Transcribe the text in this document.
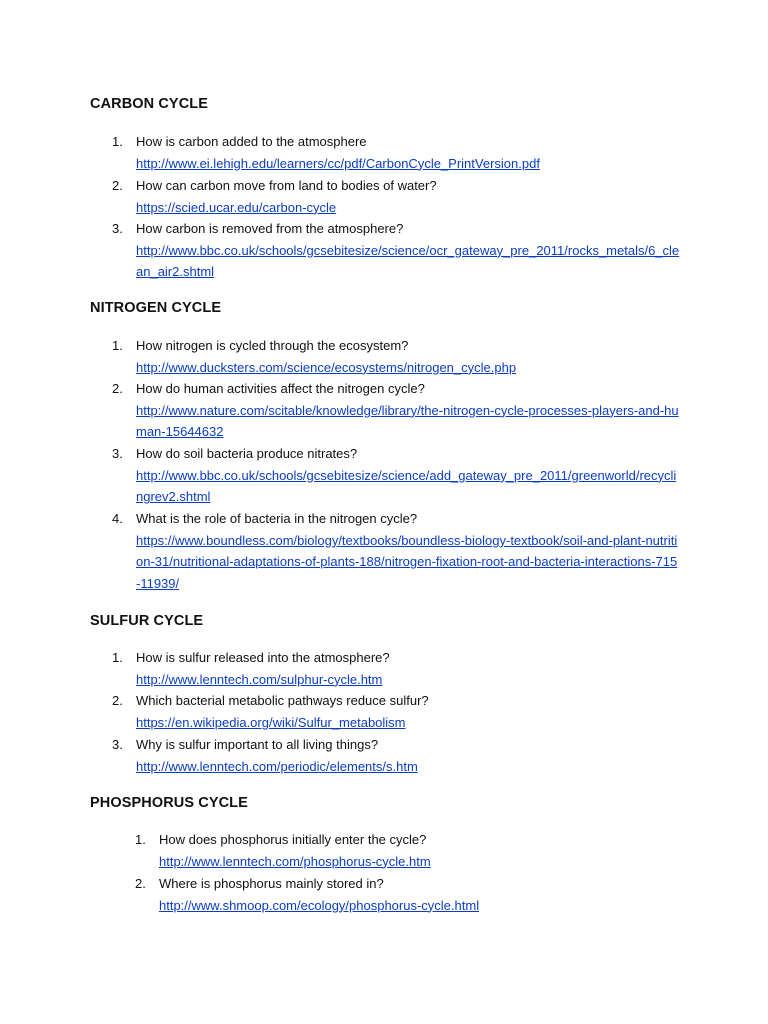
CARBON CYCLE
1. How is carbon added to the atmosphere
http://www.ei.lehigh.edu/learners/cc/pdf/CarbonCycle_PrintVersion.pdf
2. How can carbon move from land to bodies of water?
https://scied.ucar.edu/carbon-cycle
3. How carbon is removed from the atmosphere?
http://www.bbc.co.uk/schools/gcsebitesize/science/ocr_gateway_pre_2011/rocks_metals/6_clean_air2.shtml
NITROGEN CYCLE
1. How nitrogen is cycled through the ecosystem?
http://www.ducksters.com/science/ecosystems/nitrogen_cycle.php
2. How do human activities affect the nitrogen cycle?
http://www.nature.com/scitable/knowledge/library/the-nitrogen-cycle-processes-players-and-human-15644632
3. How do soil bacteria produce nitrates?
http://www.bbc.co.uk/schools/gcsebitesize/science/add_gateway_pre_2011/greenworld/recyclingrev2.shtml
4. What is the role of bacteria in the nitrogen cycle?
https://www.boundless.com/biology/textbooks/boundless-biology-textbook/soil-and-plant-nutrition-31/nutritional-adaptations-of-plants-188/nitrogen-fixation-root-and-bacteria-interactions-715-11939/
SULFUR CYCLE
1. How is sulfur released into the atmosphere?
http://www.lenntech.com/sulphur-cycle.htm
2. Which bacterial metabolic pathways reduce sulfur?
https://en.wikipedia.org/wiki/Sulfur_metabolism
3. Why is sulfur important to all living things?
http://www.lenntech.com/periodic/elements/s.htm
PHOSPHORUS CYCLE
1. How does phosphorus initially enter the cycle?
http://www.lenntech.com/phosphorus-cycle.htm
2. Where is phosphorus mainly stored in?
http://www.shmoop.com/ecology/phosphorus-cycle.html
